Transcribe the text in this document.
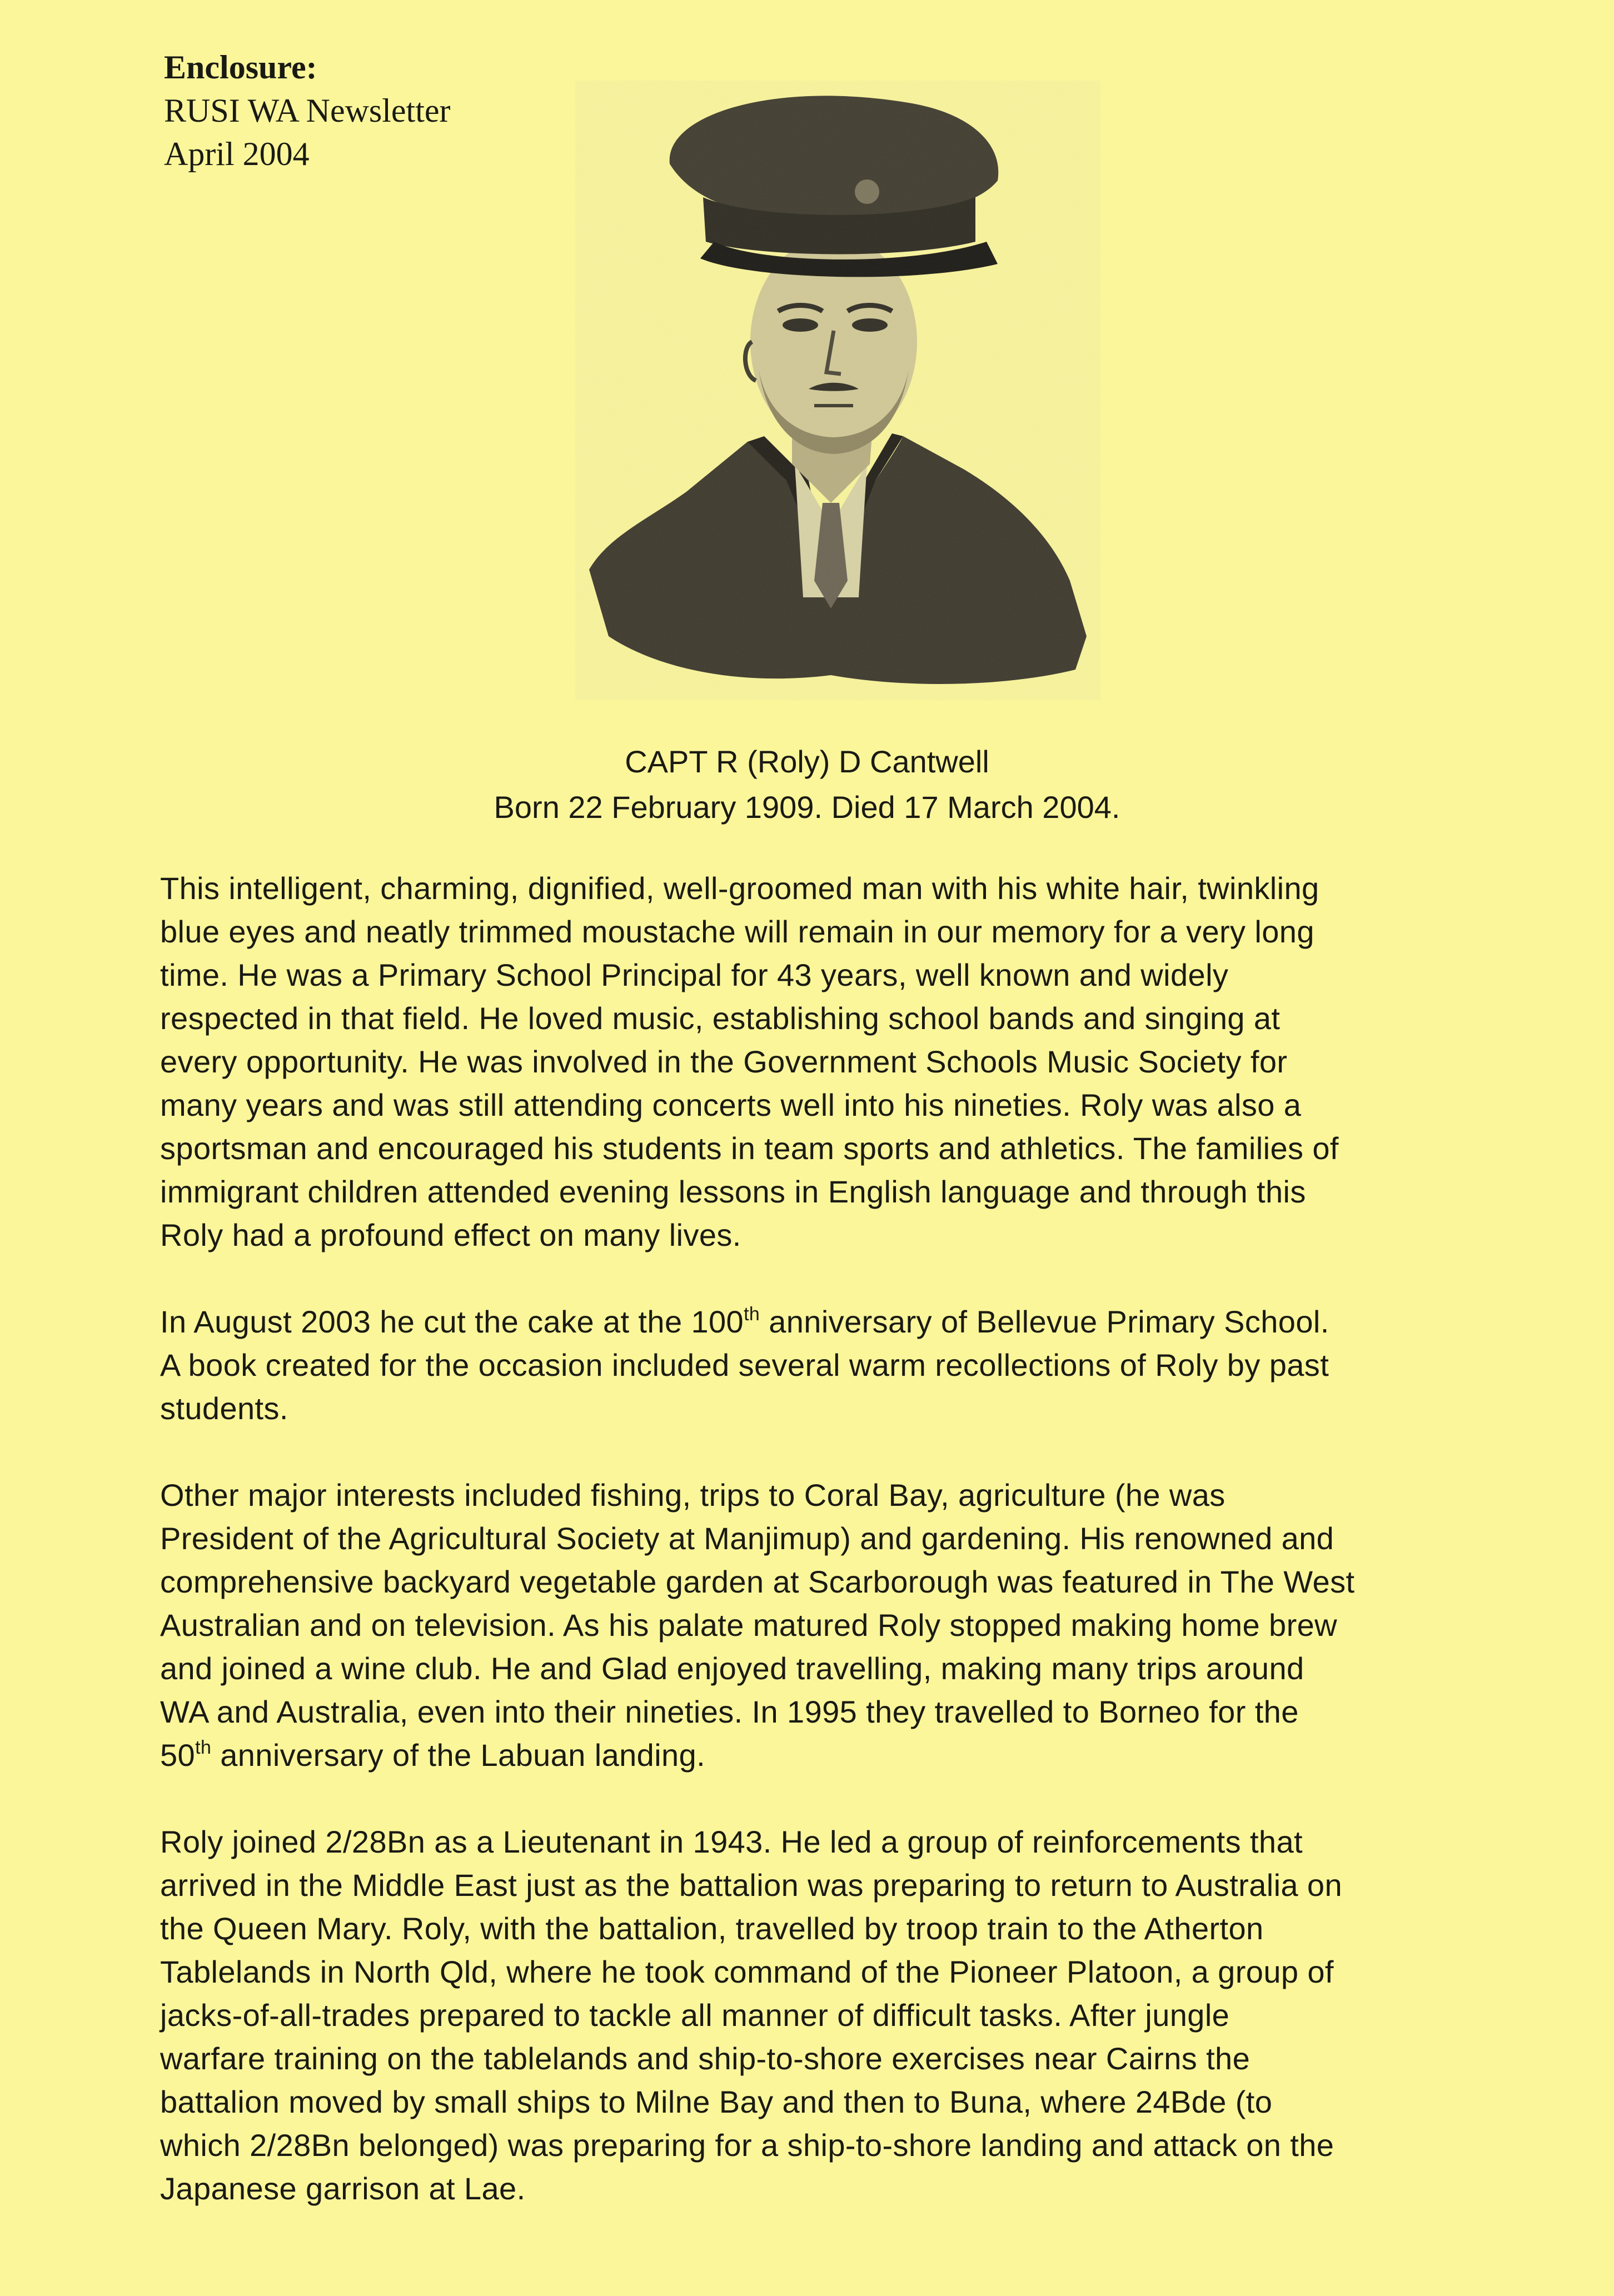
Enclosure:
RUSI WA Newsletter
April 2004
CAPT R (Roly) D Cantwell
Born 22 February 1909. Died 17 March 2004.

This intelligent, charming, dignified, well-groomed man with his white hair, twinkling
blue eyes and neatly trimmed moustache will remain in our memory for a very long
time. He was a Primary School Principal for 43 years, well known and widely
respected in that field. He loved music, establishing school bands and singing at
every opportunity. He was involved in the Government Schools Music Society for
many years and was still attending concerts well into his nineties. Roly was also a
sportsman and encouraged his students in team sports and athletics. The families of
immigrant children attended evening lessons in English language and through this
Roly had a profound effect on many lives.

In August 2003 he cut the cake at the 100th anniversary of Bellevue Primary School.
A book created for the occasion included several warm recollections of Roly by past
students.

Other major interests included fishing, trips to Coral Bay, agriculture (he was
President of the Agricultural Society at Manjimup) and gardening. His renowned and
comprehensive backyard vegetable garden at Scarborough was featured in The West
Australian and on television. As his palate matured Roly stopped making home brew
and joined a wine club. He and Glad enjoyed travelling, making many trips around
WA and Australia, even into their nineties. In 1995 they travelled to Borneo for the
50th anniversary of the Labuan landing.

Roly joined 2/28Bn as a Lieutenant in 1943. He led a group of reinforcements that
arrived in the Middle East just as the battalion was preparing to return to Australia on
the Queen Mary. Roly, with the battalion, travelled by troop train to the Atherton
Tablelands in North Qld, where he took command of the Pioneer Platoon, a group of
jacks-of-all-trades prepared to tackle all manner of difficult tasks. After jungle
warfare training on the tablelands and ship-to-shore exercises near Cairns the
battalion moved by small ships to Milne Bay and then to Buna, where 24Bde (to
which 2/28Bn belonged) was preparing for a ship-to-shore landing and attack on the
Japanese garrison at Lae.
